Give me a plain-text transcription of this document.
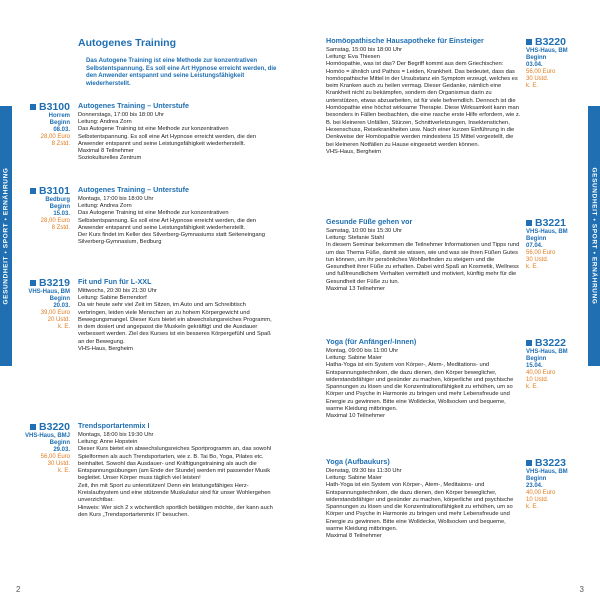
GESUNDHEIT • SPORT • ERNÄHRUNG	GESUNDHEIT • SPORT • ERNÄHRUNG
2	3
Autogenes Training
Das Autogene Training ist eine Methode zur konzentrativen Selbstentspannung. Es soll eine Art Hypnose erreicht werden, die den Anwender entspannt und seine Leistungsfähigkeit wiederherstellt.
B3100
Horrem
Beginn
08.03.
28,00 Euro
8 Zstd.
Autogenes Training – Unterstufe

Donnerstags, 17:00 bis 18:00 Uhr

Leitung: Andrea Zorn

Das Autogene Training ist eine Methode zur konzentrativen Selbstentspannung. Es soll eine Art Hypnose erreicht werden, die den Anwender entspannt und seine Leistungsfähigkeit wiederherstellt.

Maximal 8 Teilnehmer

Soziokulturelles Zentrum

B3101
Bedburg
Beginn
15.03.
28,00 Euro
8 Zstd.
Autogenes Training – Unterstufe

Montags, 17:00 bis 18:00 Uhr

Leitung: Andrea Zorn

Das Autogene Training ist eine Methode zur konzentrativen Selbstentspannung. Es soll eine Art Hypnose erreicht werden, die den Anwender entspannt und seine Leistungsfähigkeit wiederherstellt.

Der Kurs findet im Keller des Silverberg-Gymnasiums statt Seiteneingang

Silverberg-Gymnasium, Bedburg

B3219
VHS-Haus, BM
Beginn
20.03.
39,00 Euro
20 Ustd.
k. E.
Fit und Fun für L-XXL

Mittwochs, 20:30 bis 21:30 Uhr

Leitung: Sabine Berrendorf

Da wir heute sehr viel Zeit im Sitzen, im Auto und am Schreibtisch verbringen, leiden viele Menschen an zu hohem Körpergewicht und Bewegungsmangel. Dieser Kurs bietet ein abwechslungsreiches Programm, in dem dosiert und angepasst die Muskeln gekräftigt und die Ausdauer verbessert werden. Ziel des Kurses ist ein besseres Körpergefühl und Spaß an der Bewegung.

VHS-Haus, Bergheim

B3220
VHS-Haus, BMJ
Beginn
29.03.
56,00 Euro
30 Ustd.
k. E.
Trendsportartenmix I

Montags, 18:00 bis 19:30 Uhr

Leitung: Anne Hopstein

Dieser Kurs bietet ein abwechslungsreiches Sportprogramm an, das sowohl Spielformen als auch Trendsportarten, wie z. B. Tai Bo, Yoga, Pilates etc. beinhaltet. Sowohl das Ausdauer- und Kräftigungstraining als auch die Entspannungsübungen (am Ende der Stunde) werden mit passender Musik begleitet. Unser Körper muss täglich viel leisten!

Zeit, ihn mit Sport zu unterstützen! Denn ein leistungsfähiges Herz-Kreislaufsystem und eine stützende Muskulatur sind für unser Wohlergehen unverzichtbar.

Hinweis: Wer sich 2 x wöchentlich sportlich betätigen möchte, der kann auch den Kurs „Trendsportartenmix II“ besuchen.

Homöopathische Hausapotheke für Einsteiger

Samstag, 15:00 bis 18:00 Uhr

Leitung: Eva Thiesen

Homöopathie, was ist das? Der Begriff kommt aus dem Griechischen: Homöo = ähnlich und Pathos = Leiden, Krankheit. Das bedeutet, dass das homöopathische Mittel in der Ursubstanz ein Symptom erzeugt, welches es beim Kranken auch zu heilen vermag. Dieser Gedanke, nämlich eine Krankheit nicht zu bekämpfen, sondern den Organismus darin zu unterstützen, etwas abzuarbeiten, ist für viele befremdlich. Dennoch ist die Homöopathie eine höchst wirksame Therapie. Diese Wirksamkeit kann man besonders in Fällen beobachten, die eine rasche erste Hilfe erfordern, wie z. B. bei kleineren Unfällen, Stürzen, Schnittverletzungen, Insektenstichen, Hexenschuss, Reisekrankheiten usw. Nach einer kurzen Einführung in die Denkweise der Homöopathie werden mindestens 15 Mittel vorgestellt, die bei kleineren Notfällen zu Hause eingesetzt werden können.

VHS-Haus, Bergheim

B3220
VHS-Haus, BM
Beginn
03.04.
56,00 Euro
30 Ustd.
k. E.
Gesunde Füße gehen vor

Samstag, 10:00 bis 15:30 Uhr

Leitung: Stefanie Stahl

In diesem Seminar bekommen die Teilnehmer Informationen und Tipps rund um das Thema Füße, damit sie wissen, wie und was sie ihren Füßen Gutes tun können, um ihr persönliches Wohlbefinden zu steigern und die Gesundheit ihrer Füße zu erhalten. Dabei wird Spaß an Kosmetik, Wellness und fußfreundlichem Verhalten vermittelt und motiviert, künftig mehr für die Gesundheit der Füße zu tun.

Maximal 13 Teilnehmer

B3221
VHS-Haus, BM
Beginn
07.04.
56,00 Euro
30 Ustd.
k. E.
Yoga (für Anfänger/-Innen)

Montag, 09:00 bis 11:00 Uhr

Leitung: Sabine Maier

Hatha-Yoga ist ein System von Körper-, Atem-, Meditations- und Entspannungstechniken, die dazu dienen, den Körper beweglicher, widerstandsfähiger und gesünder zu machen, körperliche und psychische Spannungen zu lösen und die Konzentrationsfähigkeit zu erhöhen, um so Körper und Psyche in Harmonie zu bringen und mehr Lebensfreude und Energie zu gewinnen. Bitte eine Wolldecke, Wollsocken und bequeme, warme Kleidung mitbringen.

Maximal 10 Teilnehmer

B3222
VHS-Haus, BM
Beginn
15.04.
40,00 Euro
10 Ustd.
k. E.
Yoga (Aufbaukurs)

Dienstag, 09:30 bis 11:30 Uhr

Leitung: Sabine Maier

Hath-Yoga ist ein System von Körper-, Atem-, Meditaions- und Entspannungstechniken, die dazu dienen, den Körper beweglicher, widerstandsfähiger und gesünder zu machen, körperliche und psychische Spannungen zu lösen und die Konzentrationsfähigkeit zu erhöhen, um so Körper und Psyche in Harmonie zu bringen und mehr Lebensfreude und Energie zu gewinnen. Bitte eine Wolldecke, Wollsocken und bequeme, warme Kleidung mitbringen.

Maximal 8 Teilnehmer

B3223
VHS-Haus, BM
Beginn
23.04.
40,00 Euro
10 Ustd.
k. E.
